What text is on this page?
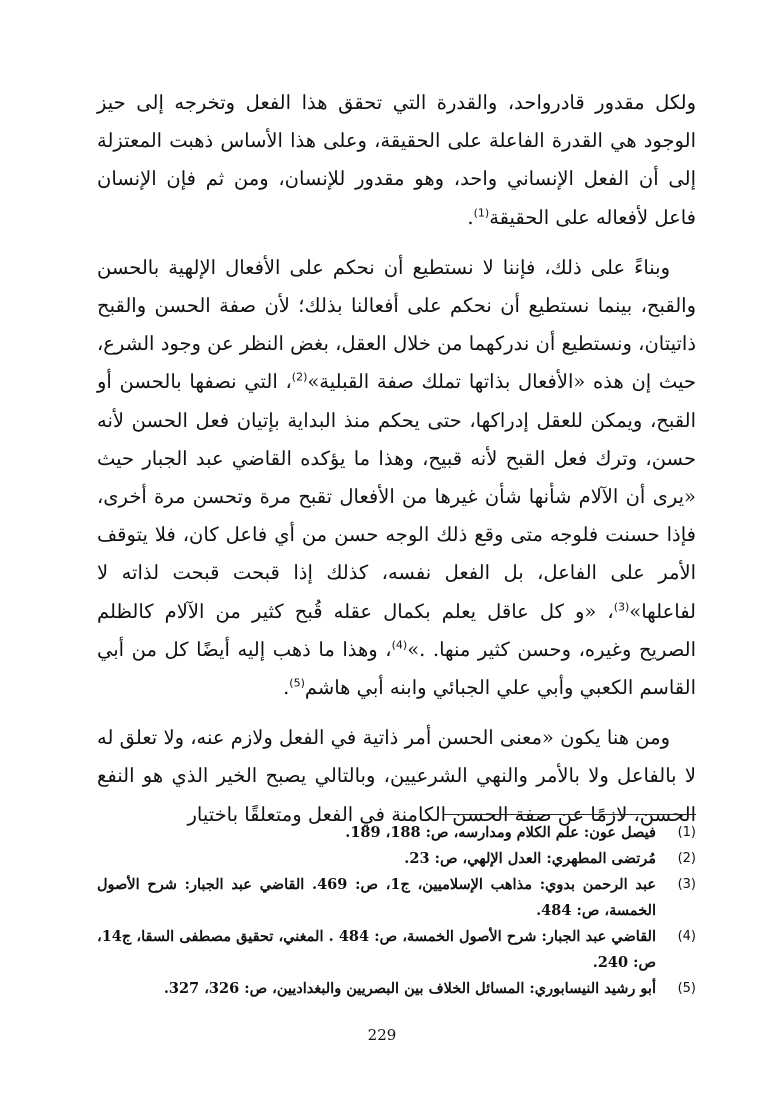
ولكل مقدور قادرواحد، والقدرة التي تحقق هذا الفعل وتخرجه إلى حيز الوجود هي القدرة الفاعلة على الحقيقة، وعلى هذا الأساس ذهبت المعتزلة إلى أن الفعل الإنساني واحد، وهو مقدور للإنسان، ومن ثم فإن الإنسان فاعل لأفعاله على الحقيقة$^{(1)}$.

وبناءً على ذلك، فإننا لا نستطيع أن نحكم على الأفعال الإلهية بالحسن والقبح، بينما نستطيع أن نحكم على أفعالنا بذلك؛ لأن صفة الحسن والقبح ذاتيتان، ونستطيع أن ندركهما من خلال العقل، بغض النظر عن وجود الشرع، حيث إن هذه «الأفعال بذاتها تملك صفة القبلية»$^{(2)}$، التي نصفها بالحسن أو القبح، ويمكن للعقل إدراكها، حتى يحكم منذ البداية بإتيان فعل الحسن لأنه حسن، وترك فعل القبح لأنه قبيح، وهذا ما يؤكده القاضي عبد الجبار حيث «يرى أن الآلام شأنها شأن غيرها من الأفعال تقبح مرة وتحسن مرة أخرى، فإذا حسنت فلوجه متى وقع ذلك الوجه حسن من أي فاعل كان، فلا يتوقف الأمر على الفاعل، بل الفعل نفسه، كذلك إذا قبحت قبحت لذاته لا لفاعلها»$^{(3)}$، «و كل عاقل يعلم بكمال عقله قُبح كثير من الآلام كالظلم الصريح وغيره، وحسن كثير منها. .»$^{(4)}$، وهذا ما ذهب إليه أيضًا كل من أبي القاسم الكعبي وأبي علي الجبائي وابنه أبي هاشم$^{(5)}$.

ومن هنا يكون «معنى الحسن أمر ذاتية في الفعل ولازم عنه، ولا تعلق له لا بالفاعل ولا بالأمر والنهي الشرعيين، وبالتالي يصبح الخير الذي هو النفع الحسن، لازمًا عن صفة الحسن الكامنة في الفعل ومتعلقًا باختيار

(1)
فيصل عون: علم الكلام ومدارسه، ص: 188، 189.
(2)
مُرتضى المطهري: العدل الإلهي، ص: 23.
(3)
عبد الرحمن بدوي: مذاهب الإسلاميين، ج1، ص: 469. القاضي عبد الجبار: شرح الأصول الخمسة، ص: 484.
(4)
القاضي عبد الجبار: شرح الأصول الخمسة، ص: 484 . المغني، تحقيق مصطفى السقا، ج14، ص: 240.
(5)
أبو رشيد النيسابوري: المسائل الخلاف بين البصريين والبغداديين، ص: 326، 327.
229
